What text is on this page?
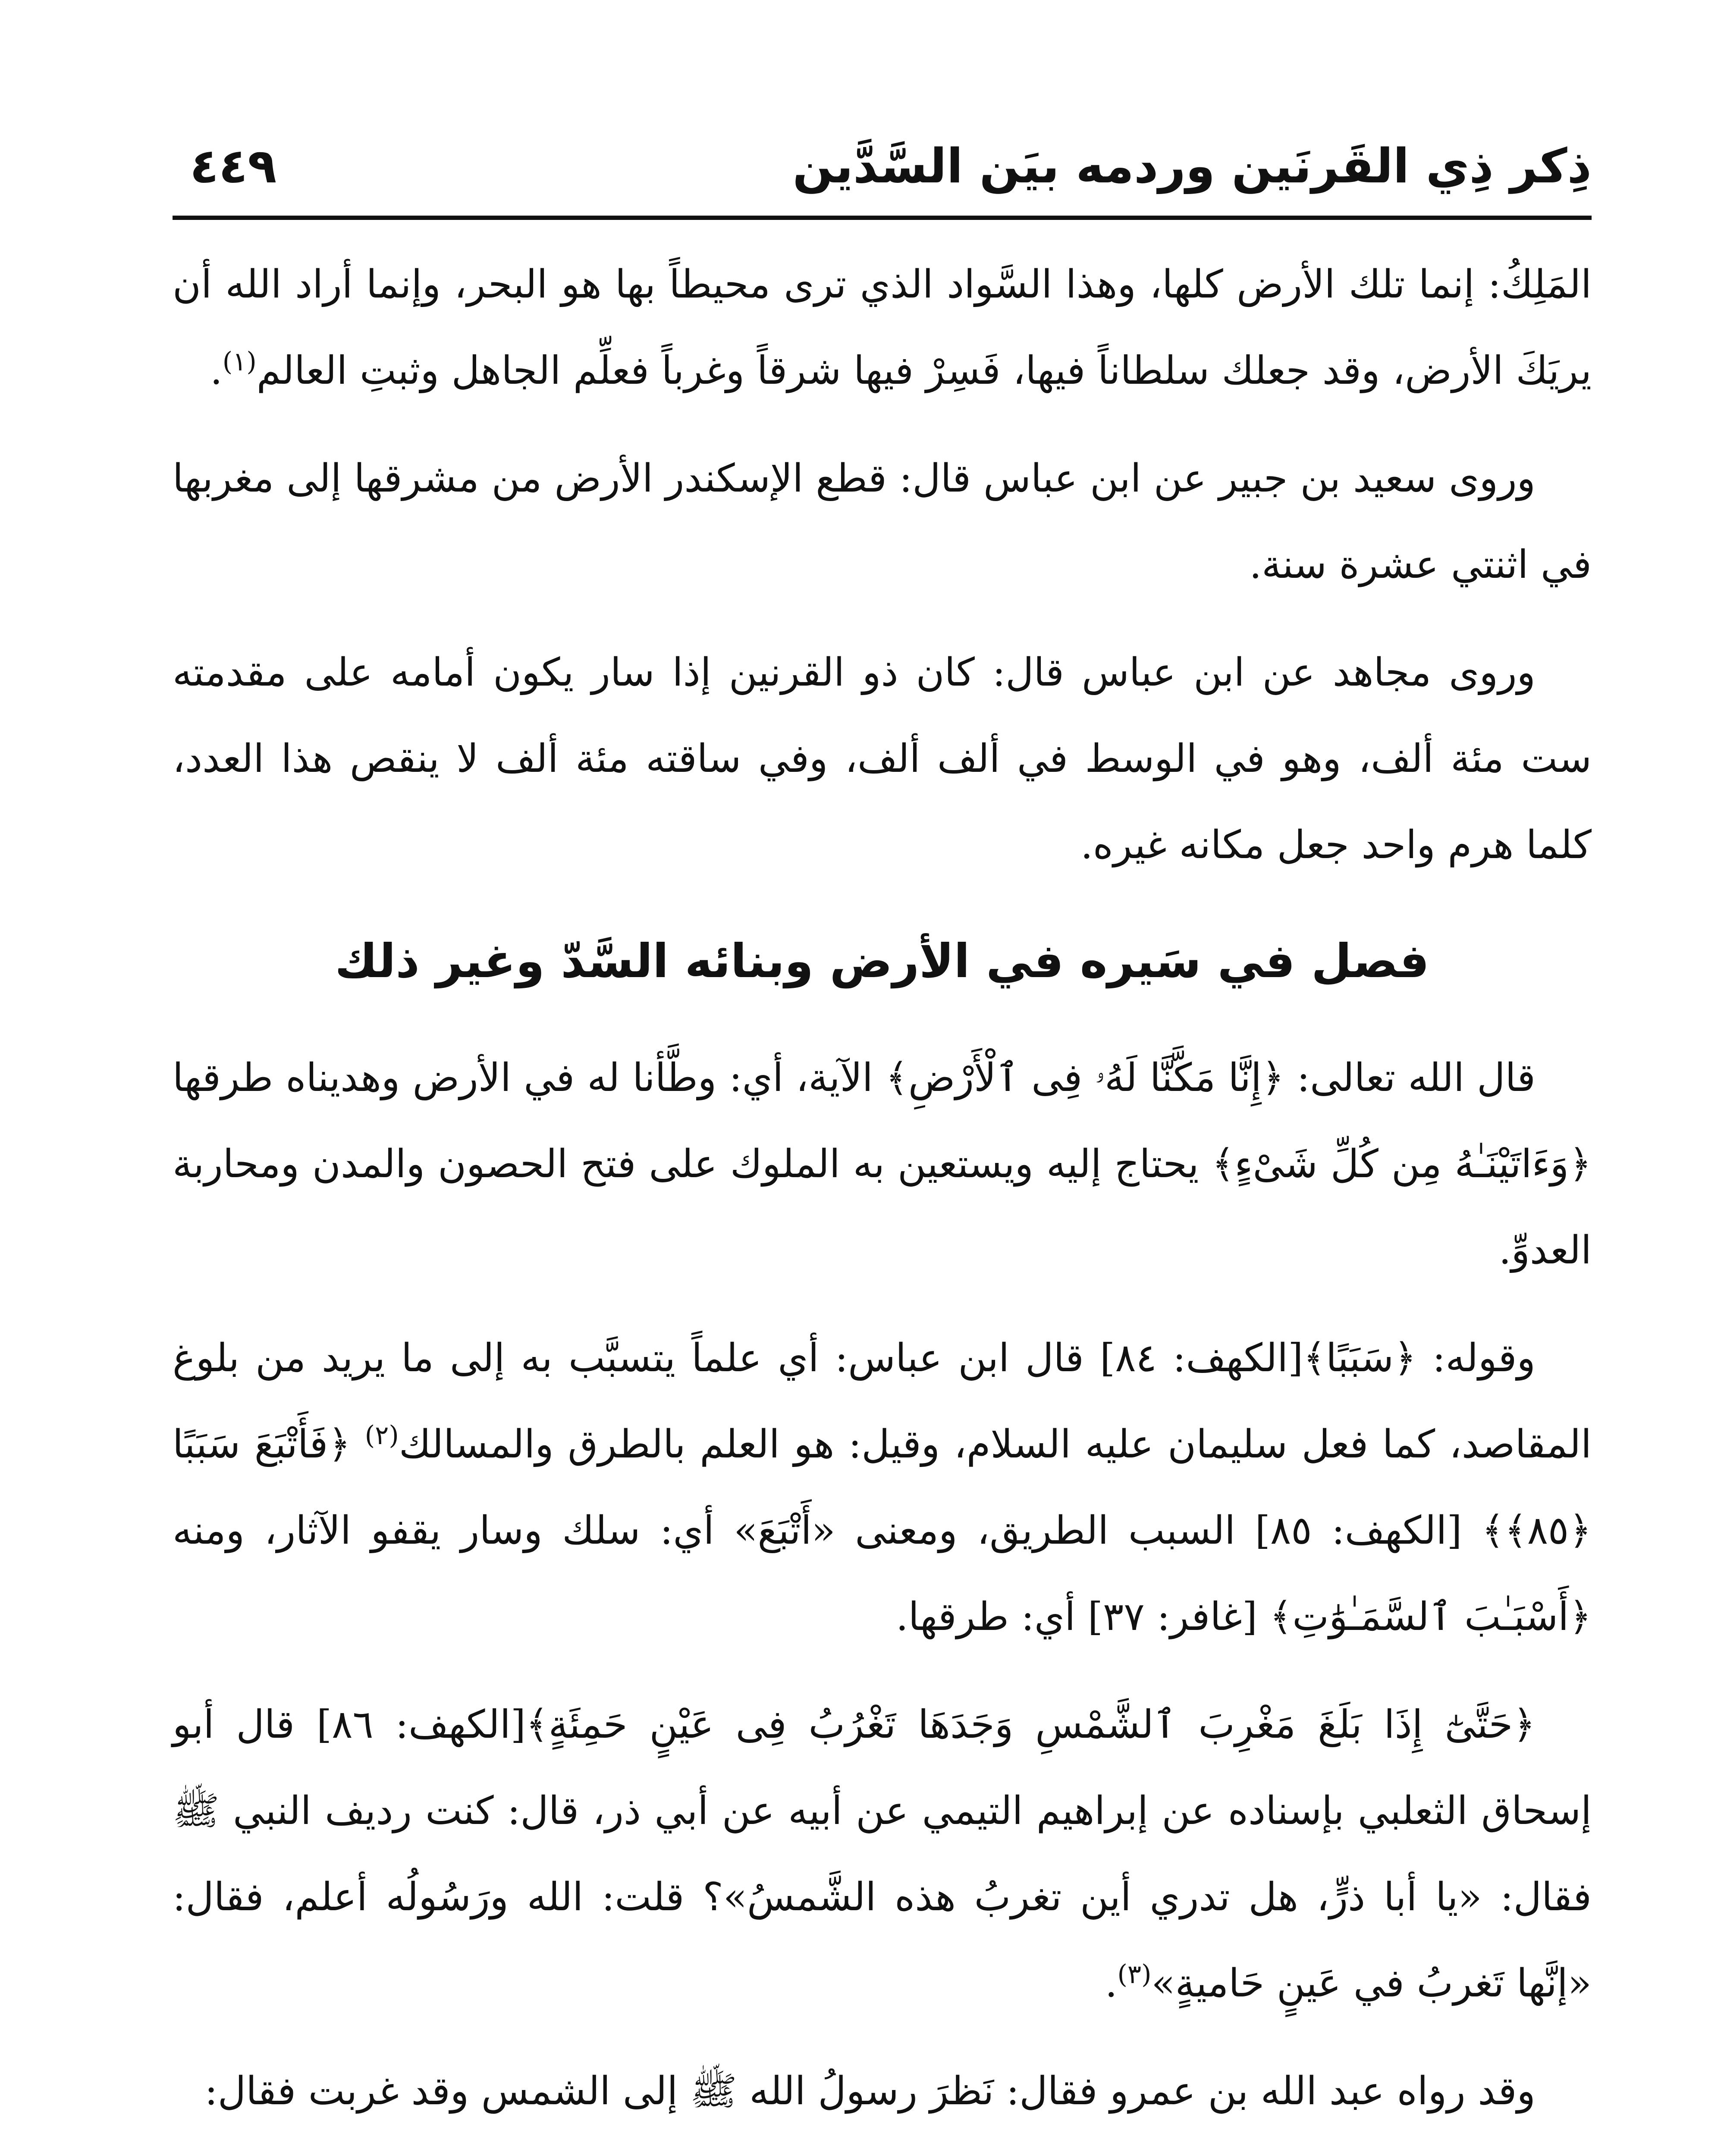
ذِكر ذِي القَرنَين وردمه بيَن السَّدَّين
٤٤٩

المَلِكُ: إنما تلك الأرض كلها، وهذا السَّواد الذي ترى محيطاً بها هو البحر، وإنما أراد الله أن يريَكَ الأرض، وقد جعلك سلطاناً فيها، فَسِرْ فيها شرقاً وغرباً فعلِّم الجاهل وثبتِ العالم$^{(١)}$.

وروى سعيد بن جبير عن ابن عباس قال: قطع الإسكندر الأرض من مشرقها إلى مغربها في اثنتي عشرة سنة.

وروى مجاهد عن ابن عباس قال: كان ذو القرنين إذا سار يكون أمامه على مقدمته ست مئة ألف، وهو في الوسط في ألف ألف، وفي ساقته مئة ألف لا ينقص هذا العدد، كلما هرم واحد جعل مكانه غيره.

فصل في سَيره في الأرض وبنائه السَّدّ وغير ذلك

قال الله تعالى: ﴿إِنَّا مَكَّنَّا لَهُۥ فِى ٱلْأَرْضِ﴾ الآية، أي: وطَّأنا له في الأرض وهديناه طرقها ﴿وَءَاتَيْنَـٰهُ مِن كُلِّ شَىْءٍ﴾ يحتاج إليه ويستعين به الملوك على فتح الحصون والمدن ومحاربة العدوِّ.

وقوله: ﴿سَبَبًا﴾[الكهف: ٨٤] قال ابن عباس: أي علماً يتسبَّب به إلى ما يريد من بلوغ المقاصد، كما فعل سليمان عليه السلام، وقيل: هو العلم بالطرق والمسالك$^{(٢)}$ ﴿فَأَتْبَعَ سَبَبًا ﴿٨٥﴾﴾ [الكهف: ٨٥] السبب الطريق، ومعنى «أَتْبَعَ» أي: سلك وسار يقفو الآثار، ومنه ﴿أَسْبَـٰبَ ٱلسَّمَـٰوَٰتِ﴾ [غافر: ٣٧] أي: طرقها.

﴿حَتَّىٰٓ إِذَا بَلَغَ مَغْرِبَ ٱلشَّمْسِ وَجَدَهَا تَغْرُبُ فِى عَيْنٍ حَمِئَةٍ﴾[الكهف: ٨٦] قال أبو إسحاق الثعلبي بإسناده عن إبراهيم التيمي عن أبيه عن أبي ذر، قال: كنت رديف النبي ﷺ فقال: «يا أبا ذرٍّ، هل تدري أين تغربُ هذه الشَّمسُ»؟ قلت: الله ورَسُولُه أعلم، فقال: «إنَّها تَغربُ في عَينٍ حَاميةٍ»$^{(٣)}$.

وقد رواه عبد الله بن عمرو فقال: نَظرَ رسولُ الله ﷺ إلى الشمس وقد غربت فقال:
